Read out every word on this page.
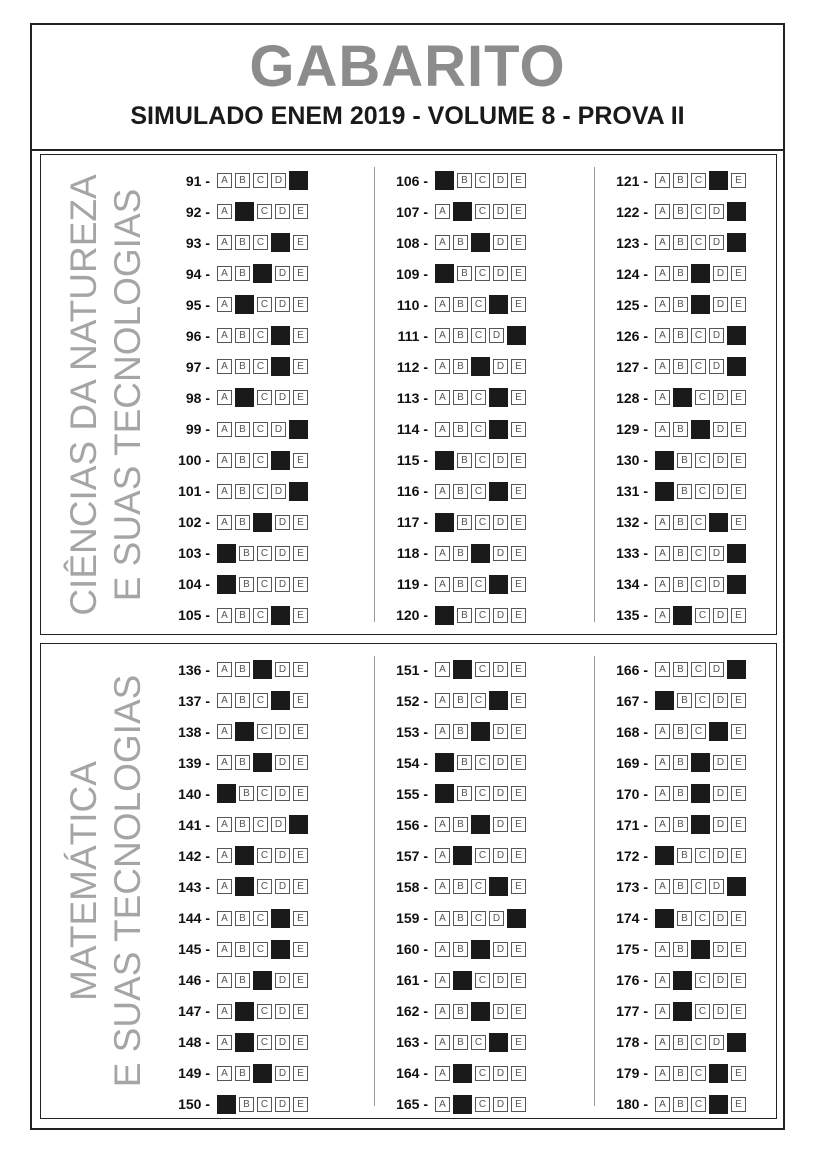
GABARITO
SIMULADO ENEM 2019 - VOLUME 8 - PROVA II
CIÊNCIAS DA NATUREZA E SUAS TECNOLOGIAS
91 -	A	B	C	D
92 -	A	C	D	E
93 -	A	B	C	E
94 -	A	B	D	E
95 -	A	C	D	E
96 -	A	B	C	E
97 -	A	B	C	E
98 -	A	C	D	E
99 -	A	B	C	D
100 -	A	B	C	E
101 -	A	B	C	D
102 -	A	B	D	E
103 -	B	C	D	E
104 -	B	C	D	E
105 -	A	B	C	E
106 -	B	C	D	E
107 -	A	C	D	E
108 -	A	B	D	E
109 -	B	C	D	E
110 -	A	B	C	E
111 -	A	B	C	D
112 -	A	B	D	E
113 -	A	B	C	E
114 -	A	B	C	E
115 -	B	C	D	E
116 -	A	B	C	E
117 -	B	C	D	E
118 -	A	B	D	E
119 -	A	B	C	E
120 -	B	C	D	E
121 -	A	B	C	E
122 -	A	B	C	D
123 -	A	B	C	D
124 -	A	B	D	E
125 -	A	B	D	E
126 -	A	B	C	D
127 -	A	B	C	D
128 -	A	C	D	E
129 -	A	B	D	E
130 -	B	C	D	E
131 -	B	C	D	E
132 -	A	B	C	E
133 -	A	B	C	D
134 -	A	B	C	D
135 -	A	C	D	E
MATEMÁTICA E SUAS TECNOLOGIAS
136 -	A	B	D	E
137 -	A	B	C	E
138 -	A	C	D	E
139 -	A	B	D	E
140 -	B	C	D	E
141 -	A	B	C	D
142 -	A	C	D	E
143 -	A	C	D	E
144 -	A	B	C	E
145 -	A	B	C	E
146 -	A	B	D	E
147 -	A	C	D	E
148 -	A	C	D	E
149 -	A	B	D	E
150 -	B	C	D	E
151 -	A	C	D	E
152 -	A	B	C	E
153 -	A	B	D	E
154 -	B	C	D	E
155 -	B	C	D	E
156 -	A	B	D	E
157 -	A	C	D	E
158 -	A	B	C	E
159 -	A	B	C	D
160 -	A	B	D	E
161 -	A	C	D	E
162 -	A	B	D	E
163 -	A	B	C	E
164 -	A	C	D	E
165 -	A	C	D	E
166 -	A	B	C	D
167 -	B	C	D	E
168 -	A	B	C	E
169 -	A	B	D	E
170 -	A	B	D	E
171 -	A	B	D	E
172 -	B	C	D	E
173 -	A	B	C	D
174 -	B	C	D	E
175 -	A	B	D	E
176 -	A	C	D	E
177 -	A	C	D	E
178 -	A	B	C	D
179 -	A	B	C	E
180 -	A	B	C	E
